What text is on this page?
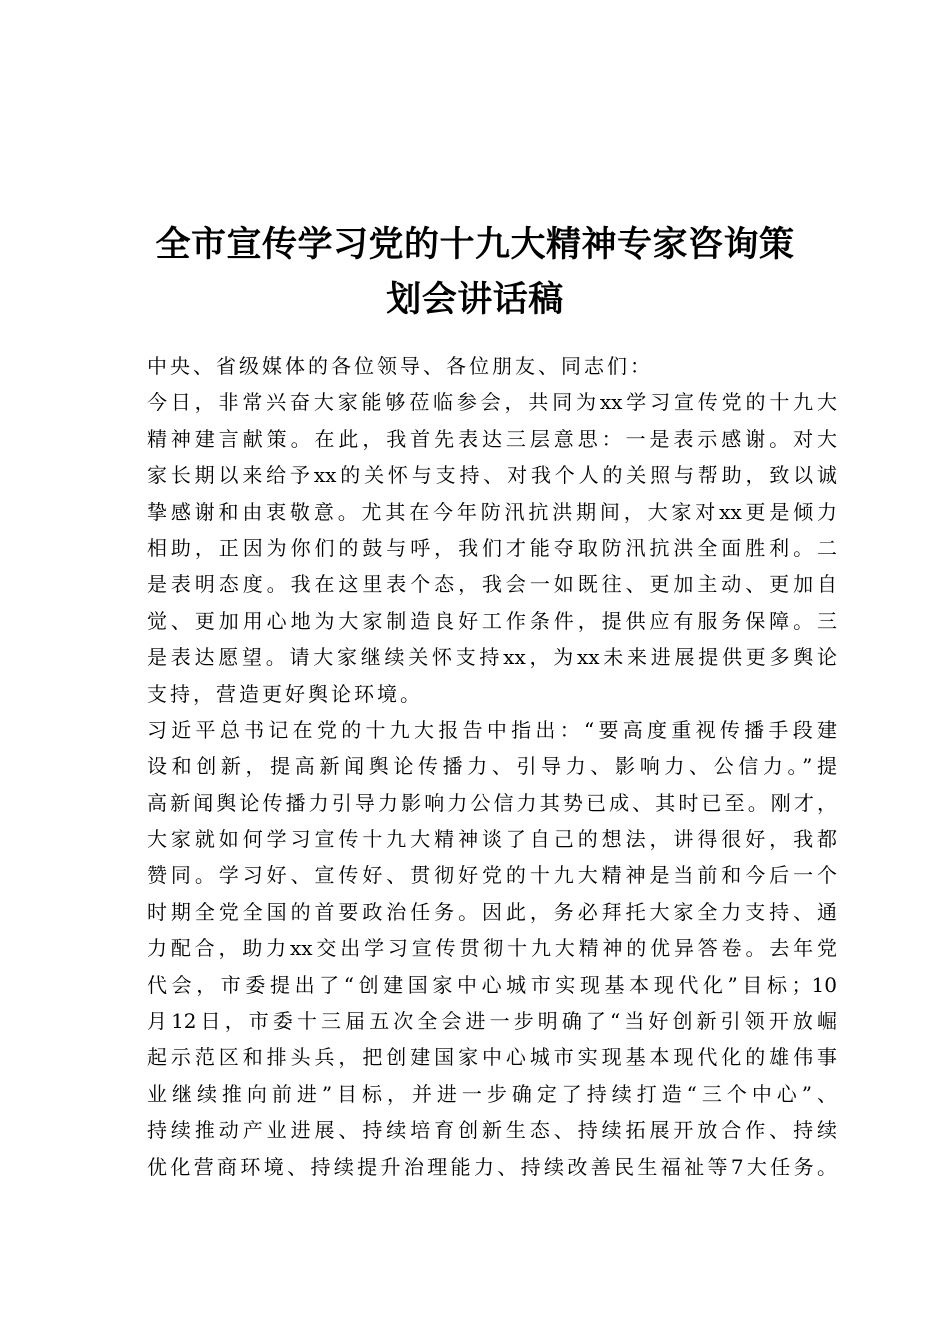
全市宣传学习党的十九大精神专家咨询策
划会讲话稿
中央、省级媒体的各位领导、各位朋友、同志们：
今日，非常兴奋大家能够莅临参会，共同为xx学习宣传党的十九大
精神建言献策。在此，我首先表达三层意思：一是表示感谢。对大
家长期以来给予xx的关怀与支持、对我个人的关照与帮助，致以诚
挚感谢和由衷敬意。尤其在今年防汛抗洪期间，大家对xx更是倾力
相助，正因为你们的鼓与呼，我们才能夺取防汛抗洪全面胜利。二
是表明态度。我在这里表个态，我会一如既往、更加主动、更加自
觉、更加用心地为大家制造良好工作条件，提供应有服务保障。三
是表达愿望。请大家继续关怀支持xx，为xx未来进展提供更多舆论
支持，营造更好舆论环境。
习近平总书记在党的十九大报告中指出：“要高度重视传播手段建
设和创新，提高新闻舆论传播力、引导力、影响力、公信力。”提
高新闻舆论传播力引导力影响力公信力其势已成、其时已至。刚才，
大家就如何学习宣传十九大精神谈了自己的想法，讲得很好，我都
赞同。学习好、宣传好、贯彻好党的十九大精神是当前和今后一个
时期全党全国的首要政治任务。因此，务必拜托大家全力支持、通
力配合，助力xx交出学习宣传贯彻十九大精神的优异答卷。去年党
代会，市委提出了“创建国家中心城市实现基本现代化”目标；10
月12日，市委十三届五次全会进一步明确了“当好创新引领开放崛
起示范区和排头兵，把创建国家中心城市实现基本现代化的雄伟事
业继续推向前进”目标，并进一步确定了持续打造“三个中心”、
持续推动产业进展、持续培育创新生态、持续拓展开放合作、持续
优化营商环境、持续提升治理能力、持续改善民生福祉等7大任务。
